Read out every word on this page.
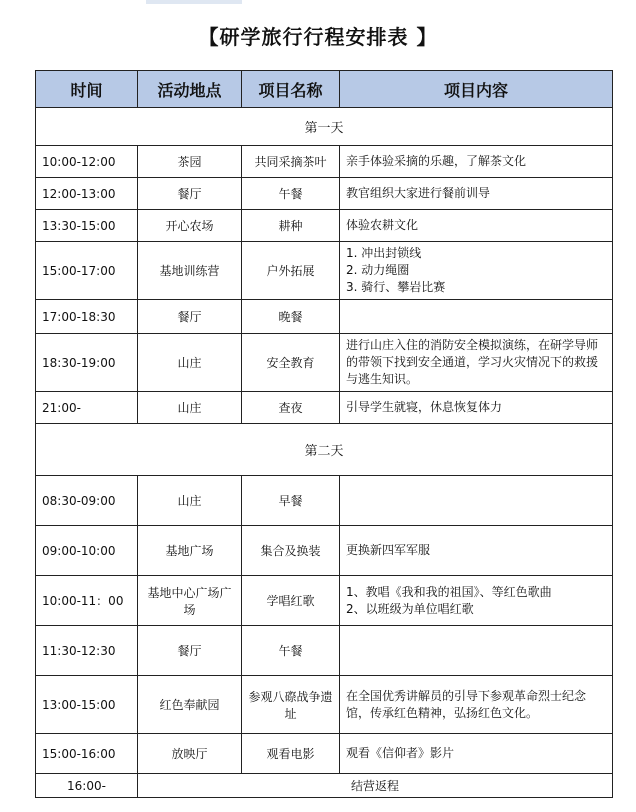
【研学旅行行程安排表 】
时间	活动地点	项目名称	项目内容
第一天			
10:00-12:00	茶园	共同采摘茶叶	亲手体验采摘的乐趣，了解茶文化

12:00-13:00	餐厅	午餐	教官组织大家进行餐前训导

13:30-15:00	开心农场	耕种	体验农耕文化

15:00-17:00	基地训练营	户外拓展	1. 冲出封锁线
2. 动力绳圈
3. 骑行、攀岩比赛

17:00-18:30	餐厅	晚餐	
18:30-19:00	山庄	安全教育	进行山庄入住的消防安全模拟演练，在研学导师
的带领下找到安全通道，学习火灾情况下的救援
与逃生知识。

21:00-	山庄	查夜	引导学生就寝，休息恢复体力

第二天			
08:30-09:00	山庄	早餐	
09:00-10:00	基地广场	集合及换装	更换新四军军服

10:00-11：00	基地中心广场广场	学唱红歌	1、教唱《我和我的祖国》、等红色歌曲
2、以班级为单位唱红歌

11:30-12:30	餐厅	午餐	
13:00-15:00	红色奉献园	参观八磜战争遗址	在全国优秀讲解员的引导下参观革命烈士纪念
馆，传承红色精神，弘扬红色文化。

15:00-16:00	放映厅	观看电影	观看《信仰者》影片

16:00-	结营返程		
